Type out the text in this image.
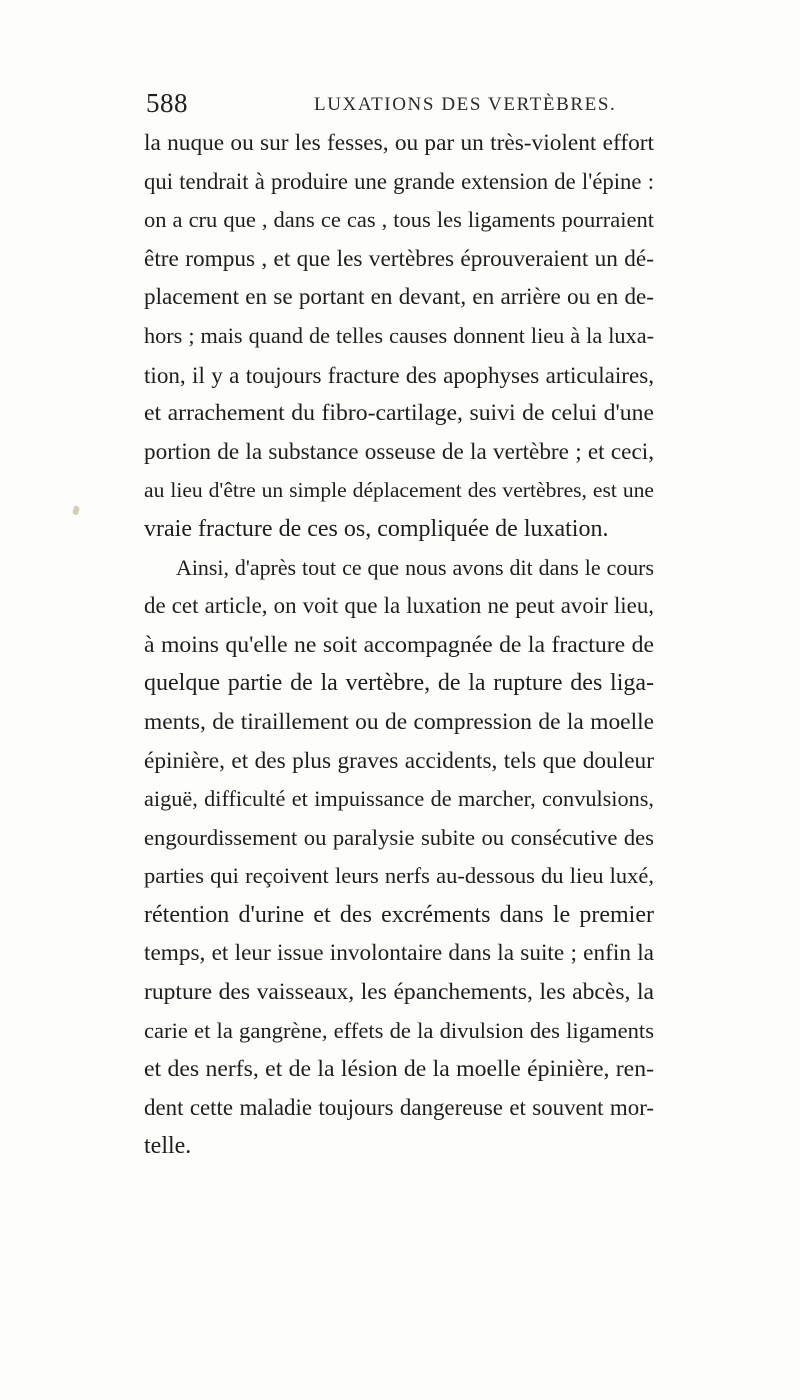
588	LUXATIONS DES VERTÈBRES.
la nuque ou sur les fesses, ou par un très-violent effort
qui tendrait à produire une grande extension de l'épine :
on a cru que , dans ce cas , tous les ligaments pourraient
être rompus , et que les vertèbres éprouveraient un dé-
placement en se portant en devant, en arrière ou en de-
hors ; mais quand de telles causes donnent lieu à la luxa-
tion, il y a toujours fracture des apophyses articulaires,
et arrachement du fibro-cartilage, suivi de celui d'une
portion de la substance osseuse de la vertèbre ; et ceci,
au lieu d'être un simple déplacement des vertèbres, est une
vraie fracture de ces os, compliquée de luxation.
Ainsi, d'après tout ce que nous avons dit dans le cours
de cet article, on voit que la luxation ne peut avoir lieu,
à moins qu'elle ne soit accompagnée de la fracture de
quelque partie de la vertèbre, de la rupture des liga-
ments, de tiraillement ou de compression de la moelle
épinière, et des plus graves accidents, tels que douleur
aiguë, difficulté et impuissance de marcher, convulsions,
engourdissement ou paralysie subite ou consécutive des
parties qui reçoivent leurs nerfs au-dessous du lieu luxé,
rétention d'urine et des excréments dans le premier
temps, et leur issue involontaire dans la suite ; enfin la
rupture des vaisseaux, les épanchements, les abcès, la
carie et la gangrène, effets de la divulsion des ligaments
et des nerfs, et de la lésion de la moelle épinière, ren-
dent cette maladie toujours dangereuse et souvent mor-
telle.
